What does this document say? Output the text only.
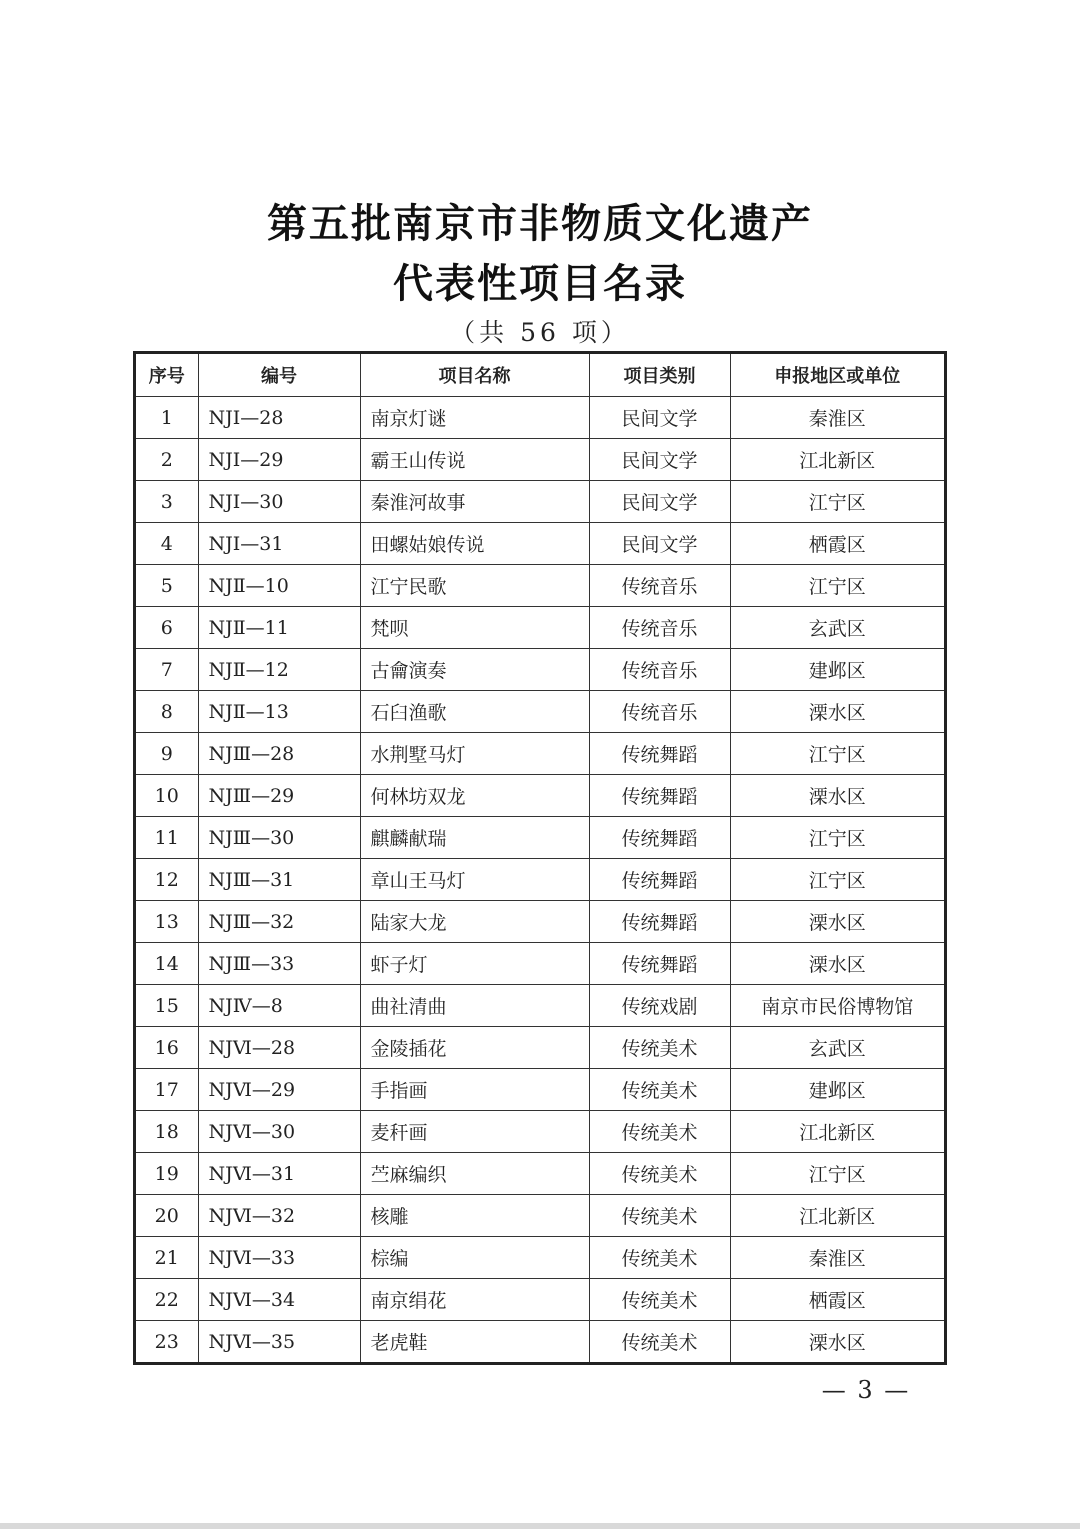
第五批南京市非物质文化遗产
代表性项目名录
（共 56 项）
序号	编号	项目名称	项目类别	申报地区或单位
1	NJⅠ—28	南京灯谜	民间文学	秦淮区
2	NJⅠ—29	霸王山传说	民间文学	江北新区
3	NJⅠ—30	秦淮河故事	民间文学	江宁区
4	NJⅠ—31	田螺姑娘传说	民间文学	栖霞区
5	NJⅡ—10	江宁民歌	传统音乐	江宁区
6	NJⅡ—11	梵呗	传统音乐	玄武区
7	NJⅡ—12	古龠演奏	传统音乐	建邺区
8	NJⅡ—13	石臼渔歌	传统音乐	溧水区
9	NJⅢ—28	水荆墅马灯	传统舞蹈	江宁区
10	NJⅢ—29	何林坊双龙	传统舞蹈	溧水区
11	NJⅢ—30	麒麟献瑞	传统舞蹈	江宁区
12	NJⅢ—31	章山王马灯	传统舞蹈	江宁区
13	NJⅢ—32	陆家大龙	传统舞蹈	溧水区
14	NJⅢ—33	虾子灯	传统舞蹈	溧水区
15	NJⅣ—8	曲社清曲	传统戏剧	南京市民俗博物馆
16	NJⅥ—28	金陵插花	传统美术	玄武区
17	NJⅥ—29	手指画	传统美术	建邺区
18	NJⅥ—30	麦秆画	传统美术	江北新区
19	NJⅥ—31	苎麻编织	传统美术	江宁区
20	NJⅥ—32	核雕	传统美术	江北新区
21	NJⅥ—33	棕编	传统美术	秦淮区
22	NJⅥ—34	南京绢花	传统美术	栖霞区
23	NJⅥ—35	老虎鞋	传统美术	溧水区
— 3 —
